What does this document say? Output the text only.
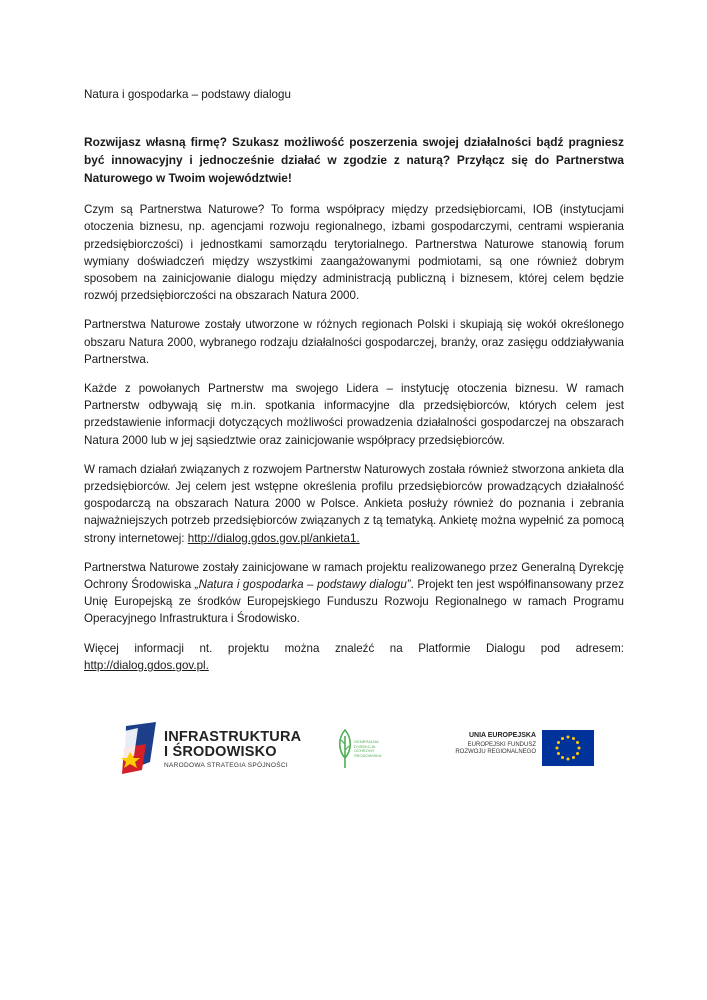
Natura i gospodarka – podstawy dialogu

Rozwijasz własną firmę? Szukasz możliwość poszerzenia swojej działalności bądź pragniesz być innowacyjny i jednocześnie działać w zgodzie z naturą? Przyłącz się do Partnerstwa Naturowego w Twoim województwie!

Czym są Partnerstwa Naturowe? To forma współpracy między przedsiębiorcami, IOB (instytucjami otoczenia biznesu, np. agencjami rozwoju regionalnego, izbami gospodarczymi, centrami wspierania przedsiębiorczości) i jednostkami samorządu terytorialnego. Partnerstwa Naturowe stanowią forum wymiany doświadczeń między wszystkimi zaangażowanymi podmiotami, są one również dobrym sposobem na zainicjowanie dialogu między administracją publiczną i biznesem, której celem będzie rozwój przedsiębiorczości na obszarach Natura 2000.

Partnerstwa Naturowe zostały utworzone w różnych regionach Polski i skupiają się wokół określonego obszaru Natura 2000, wybranego rodzaju działalności gospodarczej, branży, oraz zasięgu oddziaływania Partnerstwa.

Każde z powołanych Partnerstw ma swojego Lidera – instytucję otoczenia biznesu. W ramach Partnerstw odbywają się m.in. spotkania informacyjne dla przedsiębiorców, których celem jest przedstawienie informacji dotyczących możliwości prowadzenia działalności gospodarczej na obszarach Natura 2000 lub w jej sąsiedztwie oraz zainicjowanie współpracy przedsiębiorców.

W ramach działań związanych z rozwojem Partnerstw Naturowych została również stworzona ankieta dla przedsiębiorców. Jej celem jest wstępne określenia profilu przedsiębiorców prowadzących działalność gospodarczą na obszarach Natura 2000 w Polsce. Ankieta posłuży również do poznania i zebrania najważniejszych potrzeb przedsiębiorców związanych z tą tematyką. Ankietę można wypełnić za pomocą strony internetowej: http://dialog.gdos.gov.pl/ankieta1.

Partnerstwa Naturowe zostały zainicjowane w ramach projektu realizowanego przez Generalną Dyrekcję Ochrony Środowiska „Natura i gospodarka – podstawy dialogu”. Projekt ten jest współfinansowany przez Unię Europejską ze środków Europejskiego Funduszu Rozwoju Regionalnego w ramach Programu Operacyjnego Infrastruktura i Środowisko.

Więcej informacji nt. projektu można znaleźć na Platformie Dialogu pod adresem: http://dialog.gdos.gov.pl.

INFRASTRUKTURA
I ŚRODOWISKO
NARODOWA STRATEGIA SPÓJNOŚCI
GENERALNA DYREKCJA OCHRONY ŚRODOWISKA
UNIA EUROPEJSKA
EUROPEJSKI FUNDUSZ
ROZWOJU REGIONALNEGO
